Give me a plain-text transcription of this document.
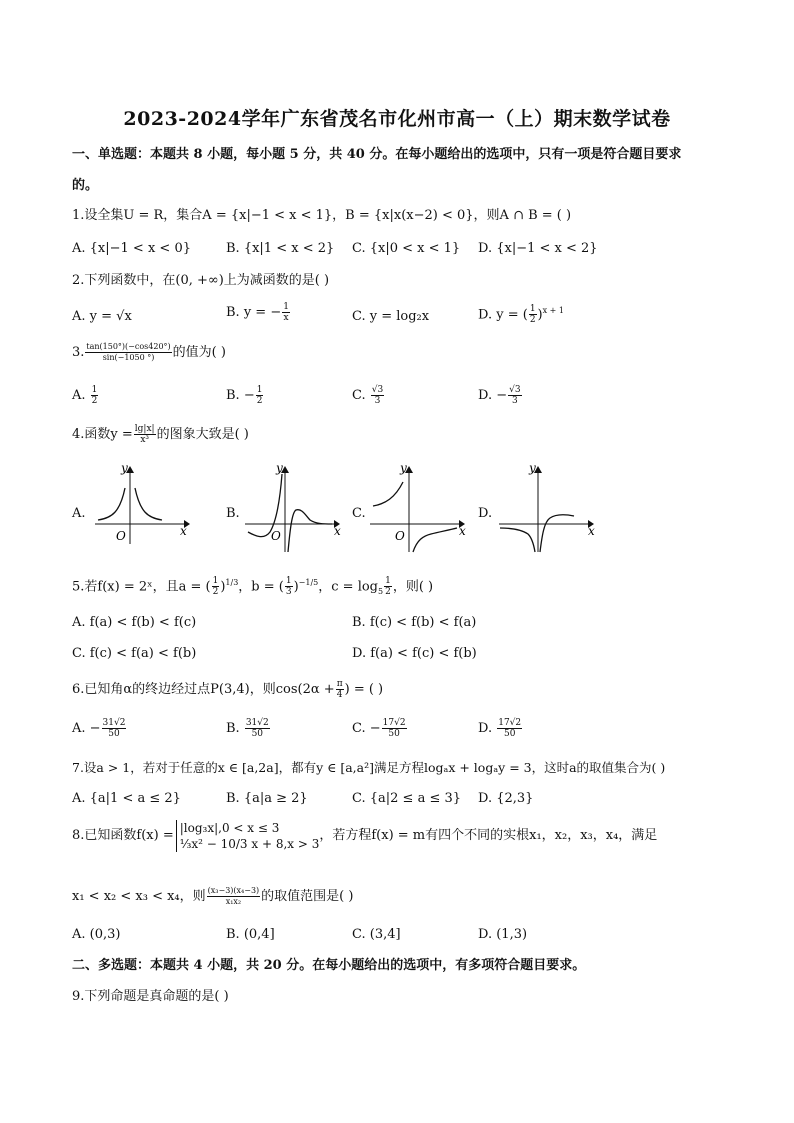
2023-2024学年广东省茂名市化州市高一（上）期末数学试卷
一、单选题：本题共 8 小题，每小题 5 分，共 40 分。在每小题给出的选项中，只有一项是符合题目要求
的。
1.设全集U = R，集合A = {x|−1 < x < 1}，B = {x|x(x−2) < 0}，则A ∩ B = ( )
A. {x|−1 < x < 0}	B. {x|1 < x < 2} C. {x|0 < x < 1} D. {x|−1 < x < 2}
2.下列函数中，在(0, +∞)上为减函数的是( )
A. y = √x	B. y = − $\frac{1}{x}$	C. y = log₂x	D. y = ( $\frac{1}{2} )^{x + 1}$
3. $\frac{\tan(150^\circ)(-\cos 420^\circ)}{\sin(-1050 ^\circ)}$ 的值为( )
A. $\frac{1}{2}$	B. − $\frac{1}{2}$	C. $\frac{√3}{3}$	D. − $\frac{√3}{3}$
4.函数$y = \frac{\lg|x|}{\text{x³}}$ 的图象大致是( )
A.	B.	C.	D.
y
x
O
y
x
O
y
x
O
y
x
5.若f(x) = 2ˣ，且a = ( $\frac{1}{2} )^{1/3}$，b = ( $\frac{1}{3} )^{-1/5}$，$c = \log_5 \frac{1}{2}$ ，则( )
A. f(a) < f(b) < f(c)	B. f(c) < f(b) < f(a)
C. f(c) < f(a) < f(b)	D. f(a) < f(c) < f(b)
6.已知角α的终边经过点P(3,4)，则$\cos(2\alpha + \frac{\pi}{4}$ ) = ( )
A. − $\frac{31√2}{50}$	B. $\frac{31√2}{50}$	C. − $\frac{17√2}{50}$	D. $\frac{17√2}{50}$
7.设a > 1，若对于任意的x ∈ [a,2a]，都有y ∈ [a,a²]满足方程logₐx + logₐy = 3，这时a的取值集合为( )
A. {a|1 < a ≤ 2}	B. {a|a ≥ 2}	C. {a|2 ≤ a ≤ 3} D. {2,3}
8.已知函数f(x) = |log₃x|,0 < x ≤ 3
⅓x² − 10/3 x + 8,x > 3
，若方程f(x) = m有四个不同的实根x₁，x₂，x₃，x₄，满足
x₁ < x₂ < x₃ < x₄，则 $\frac{\text{(x₃−3)(x₄−3)}}{\text{x₁x₂}}$ 的取值范围是( )
A. (0,3)	B. (0,4]	C. (3,4]	D. (1,3)
二、多选题：本题共 4 小题，共 20 分。在每小题给出的选项中，有多项符合题目要求。
9.下列命题是真命题的是( )
